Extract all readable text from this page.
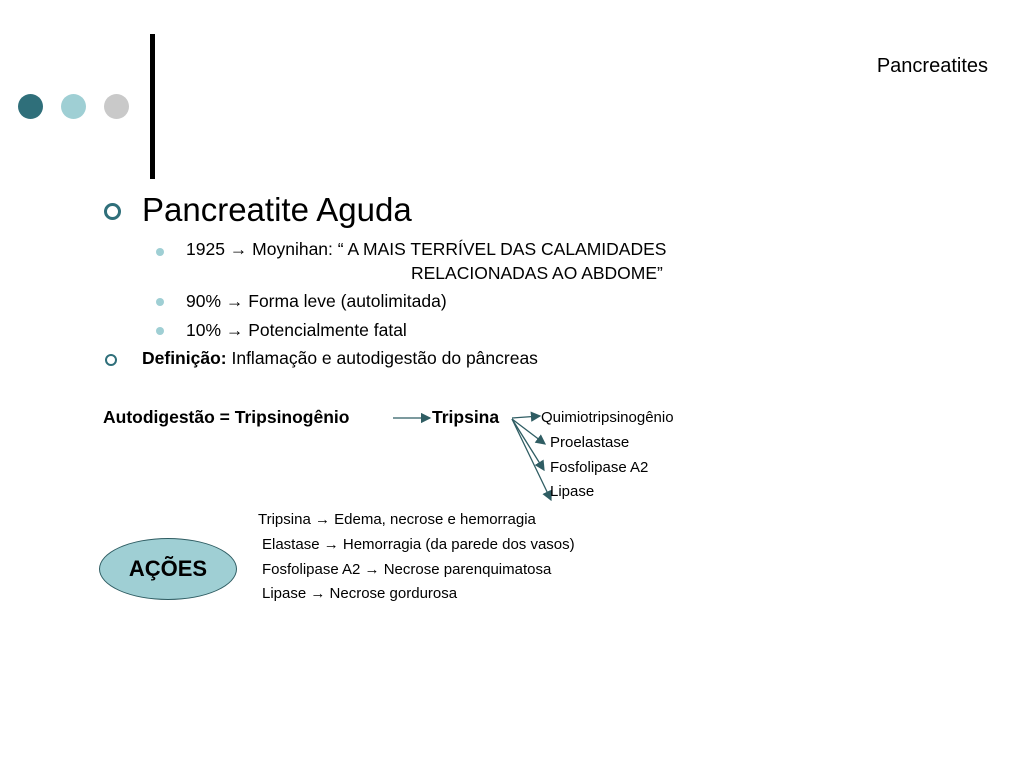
Pancreatites
Pancreatite Aguda
1925 → Moynihan: “ A MAIS TERRÍVEL DAS CALAMIDADES
RELACIONADAS AO ABDOME”
90% → Forma leve (autolimitada)
10% → Potencialmente fatal
Definição: Inflamação e autodigestão do pâncreas
Autodigestão = Tripsinogênio	Tripsina	Quimiotripsinogênio
Proelastase
Fosfolipase A2
Lipase
AÇÕES
Tripsina → Edema, necrose e hemorragia
Elastase → Hemorragia (da parede dos vasos)
Fosfolipase A2 → Necrose parenquimatosa
Lipase → Necrose gordurosa
